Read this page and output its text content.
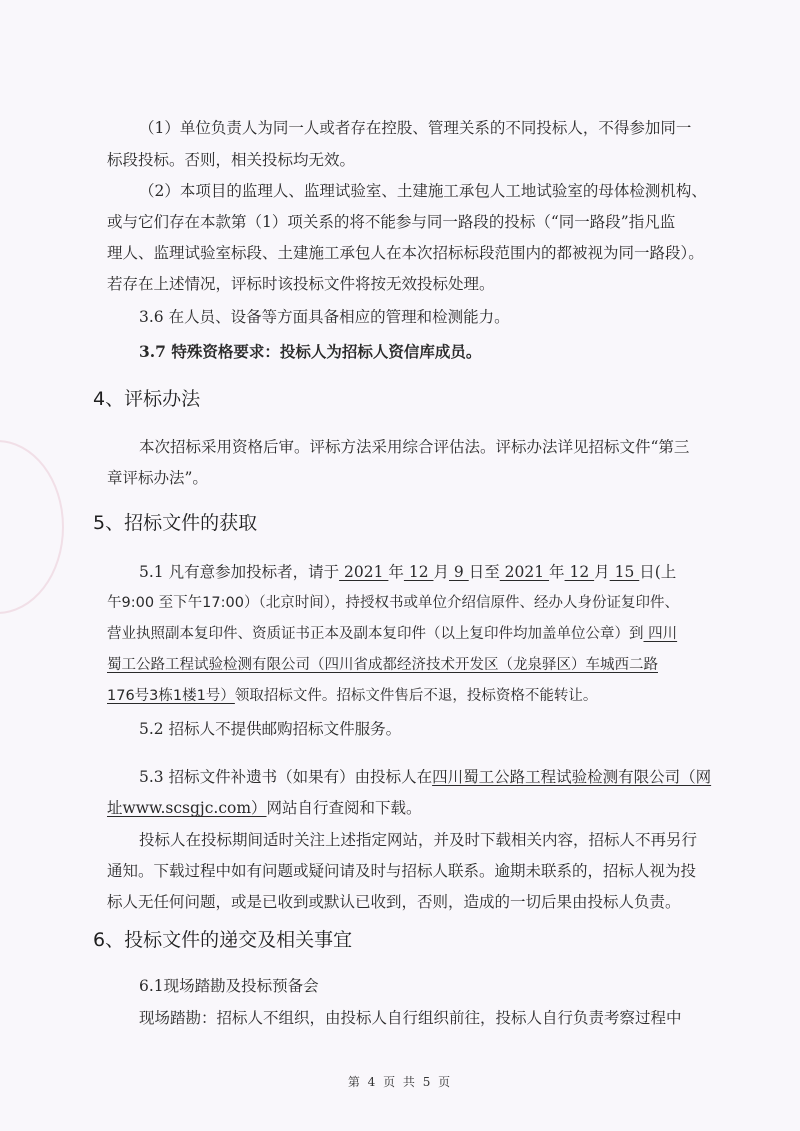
（1）单位负责人为同一人或者存在控股、管理关系的不同投标人，不得参加同一
标段投标。否则，相关投标均无效。
（2）本项目的监理人、监理试验室、土建施工承包人工地试验室的母体检测机构、
或与它们存在本款第（1）项关系的将不能参与同一路段的投标（“同一路段”指凡监
理人、监理试验室标段、土建施工承包人在本次招标标段范围内的都被视为同一路段）。
若存在上述情况，评标时该投标文件将按无效投标处理。
3.6 在人员、设备等方面具备相应的管理和检测能力。
3.7 特殊资格要求：投标人为招标人资信库成员。
4、评标办法
本次招标采用资格后审。评标方法采用综合评估法。评标办法详见招标文件“第三
章评标办法”。
5、招标文件的获取
5.1 凡有意参加投标者，请于 2021 年 12 月 9 日至 2021 年 12 月 15 日(上
午9:00 至下午17:00）（北京时间），持授权书或单位介绍信原件、经办人身份证复印件、
营业执照副本复印件、资质证书正本及副本复印件（以上复印件均加盖单位公章）到 四川
蜀工公路工程试验检测有限公司（四川省成都经济技术开发区（龙泉驿区）车城西二路
176号3栋1楼1号）领取招标文件。招标文件售后不退，投标资格不能转让。
5.2 招标人不提供邮购招标文件服务。
5.3 招标文件补遗书（如果有）由投标人在四川蜀工公路工程试验检测有限公司（网
址www.scsgjc.com）网站自行查阅和下载。
投标人在投标期间适时关注上述指定网站，并及时下载相关内容，招标人不再另行
通知。下载过程中如有问题或疑问请及时与招标人联系。逾期未联系的，招标人视为投
标人无任何问题，或是已收到或默认已收到，否则，造成的一切后果由投标人负责。
6、投标文件的递交及相关事宜
6.1现场踏勘及投标预备会
现场踏勘：招标人不组织，由投标人自行组织前往，投标人自行负责考察过程中
第 4 页 共 5 页
